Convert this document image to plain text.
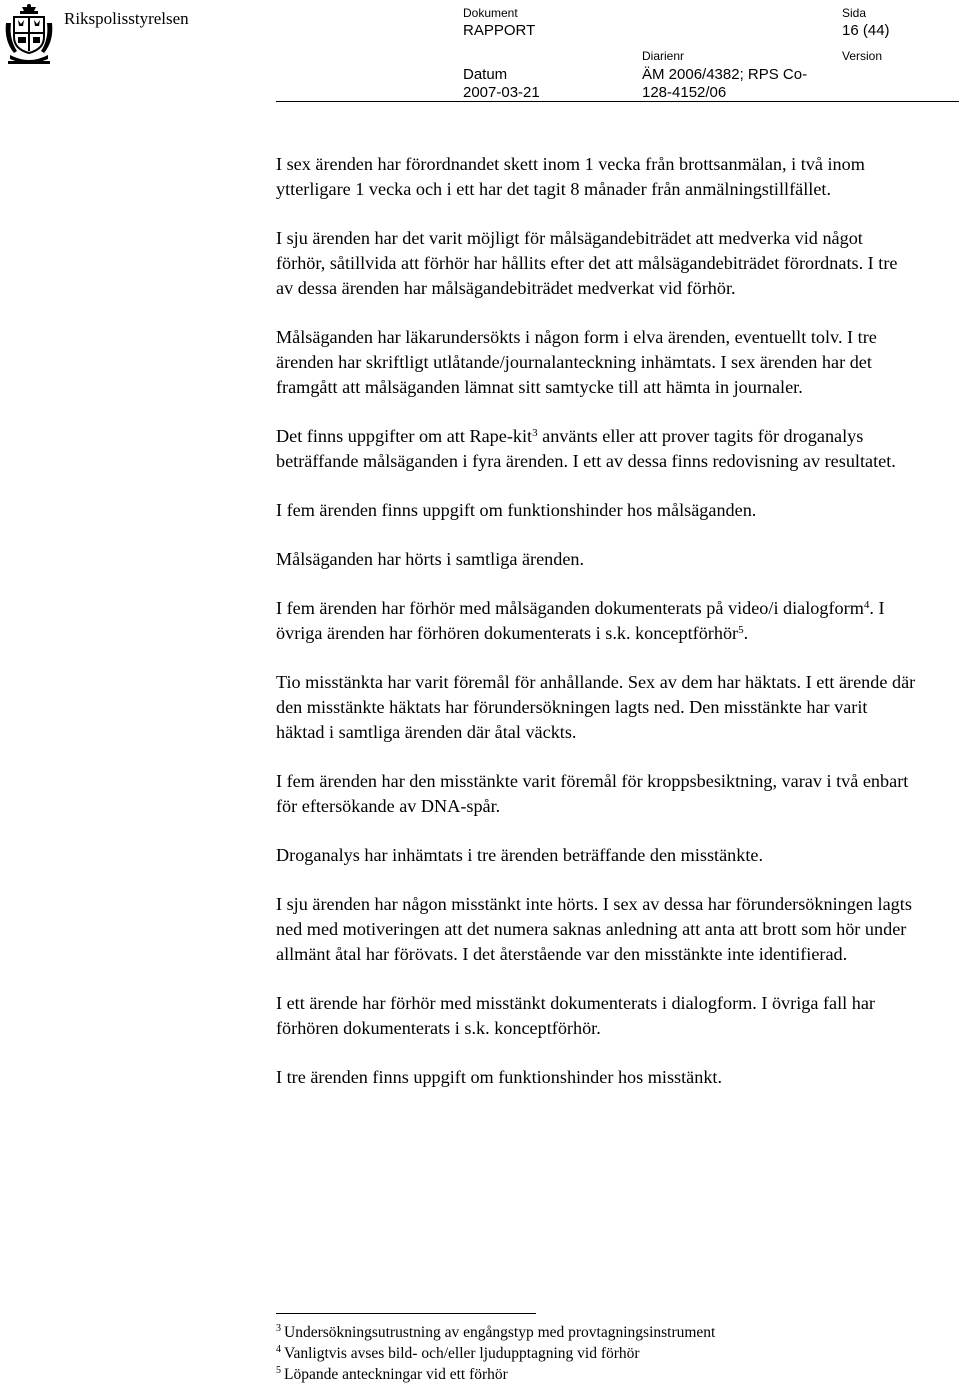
Rikspolisstyrelsen	Dokument
RAPPORT
Sida
16 (44)
Diarienr	Version
Datum
2007-03-21
ÄM 2006/4382; RPS Co-
128-4152/06

I sex ärenden har förordnandet skett inom 1 vecka från brottsanmälan, i två inom ytterligare 1 vecka och i ett har det tagit 8 månader från anmälningstillfället.

I sju ärenden har det varit möjligt för målsägandebiträdet att medverka vid något förhör, såtillvida att förhör har hållits efter det att målsägandebiträdet förordnats. I tre av dessa ärenden har målsägandebiträdet medverkat vid förhör.

Målsäganden har läkarundersökts i någon form i elva ärenden, eventuellt tolv. I tre ärenden har skriftligt utlåtande/journalanteckning inhämtats. I sex ärenden har det framgått att målsäganden lämnat sitt samtycke till att hämta in journaler.

Det finns uppgifter om att Rape-kit$^3$ använts eller att prover tagits för droganalys beträffande målsäganden i fyra ärenden. I ett av dessa finns redovisning av resultatet.

I fem ärenden finns uppgift om funktionshinder hos målsäganden.

Målsäganden har hörts i samtliga ärenden.

I fem ärenden har förhör med målsäganden dokumenterats på video/i dialogform$^4$. I övriga ärenden har förhören dokumenterats i s.k. konceptförhör$^5$.

Tio misstänkta har varit föremål för anhållande. Sex av dem har häktats. I ett ärende där den misstänkte häktats har förundersökningen lagts ned. Den misstänkte har varit häktad i samtliga ärenden där åtal väckts.

I fem ärenden har den misstänkte varit föremål för kroppsbesiktning, varav i två enbart för eftersökande av DNA-spår.

Droganalys har inhämtats i tre ärenden beträffande den misstänkte.

I sju ärenden har någon misstänkt inte hörts. I sex av dessa har förundersökningen lagts ned med motiveringen att det numera saknas anledning att anta att brott som hör under allmänt åtal har förövats. I det återstående var den misstänkte inte identifierad.

I ett ärende har förhör med misstänkt dokumenterats i dialogform. I övriga fall har förhören dokumenterats i s.k. konceptförhör.

I tre ärenden finns uppgift om funktionshinder hos misstänkt.

$^3$ Undersökningsutrustning av engångstyp med provtagningsinstrument
$^4$ Vanligtvis avses bild- och/eller ljudupptagning vid förhör
$^5$ Löpande anteckningar vid ett förhör
